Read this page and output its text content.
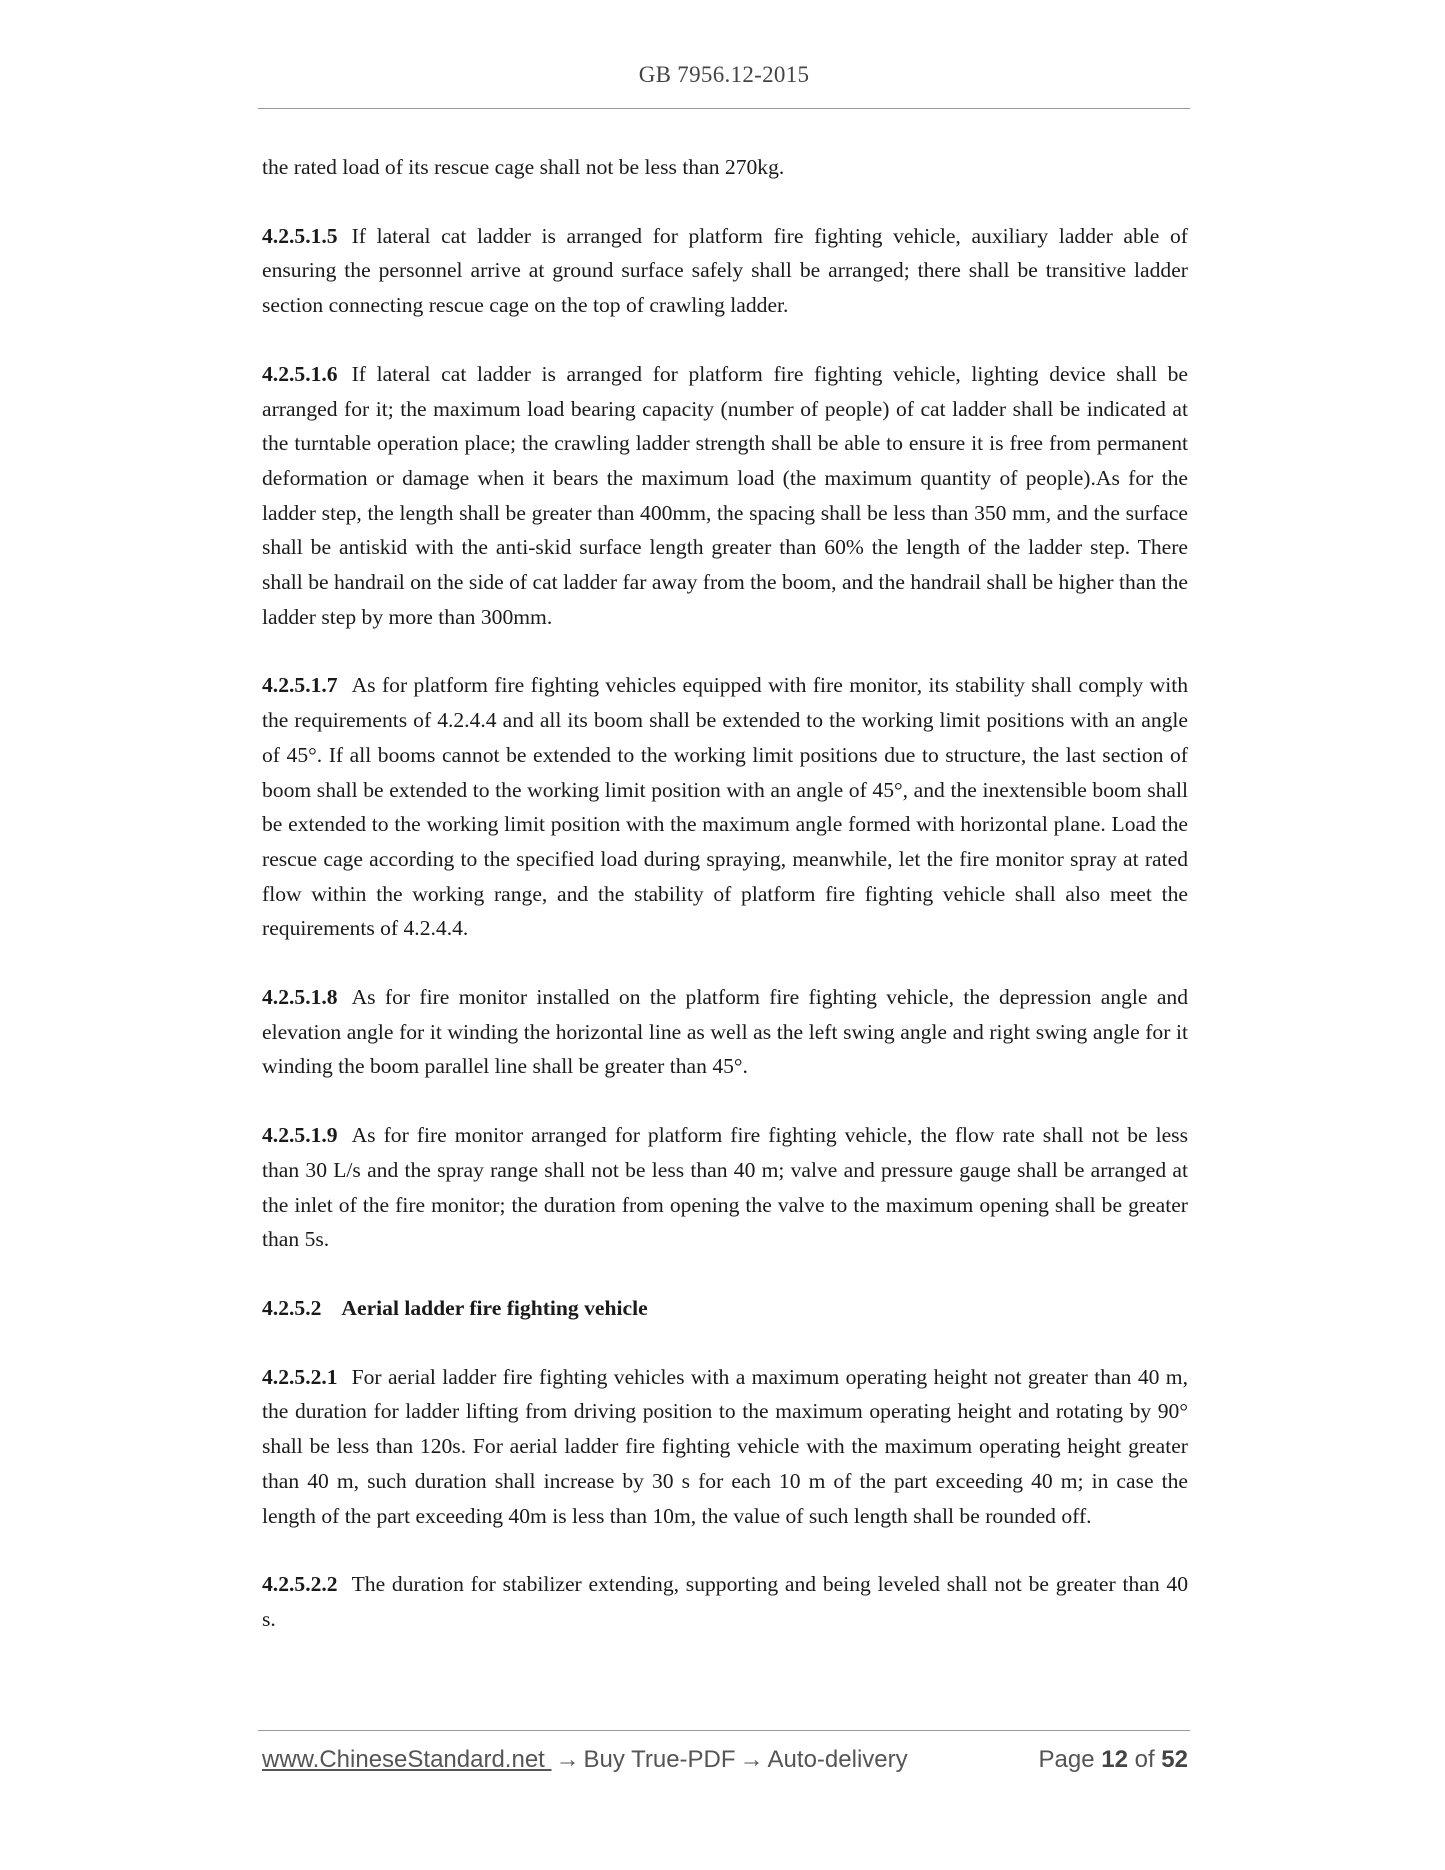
GB 7956.12-2015

the rated load of its rescue cage shall not be less than 270kg.

4.2.5.1.5 If lateral cat ladder is arranged for platform fire fighting vehicle, auxiliary ladder able of ensuring the personnel arrive at ground surface safely shall be arranged; there shall be transitive ladder section connecting rescue cage on the top of crawling ladder.

4.2.5.1.6 If lateral cat ladder is arranged for platform fire fighting vehicle, lighting device shall be arranged for it; the maximum load bearing capacity (number of people) of cat ladder shall be indicated at the turntable operation place; the crawling ladder strength shall be able to ensure it is free from permanent deformation or damage when it bears the maximum load (the maximum quantity of people).As for the ladder step, the length shall be greater than 400mm, the spacing shall be less than 350 mm, and the surface shall be antiskid with the anti-skid surface length greater than 60% the length of the ladder step. There shall be handrail on the side of cat ladder far away from the boom, and the handrail shall be higher than the ladder step by more than 300mm.

4.2.5.1.7 As for platform fire fighting vehicles equipped with fire monitor, its stability shall comply with the requirements of 4.2.4.4 and all its boom shall be extended to the working limit positions with an angle of 45°. If all booms cannot be extended to the working limit positions due to structure, the last section of boom shall be extended to the working limit position with an angle of 45°, and the inextensible boom shall be extended to the working limit position with the maximum angle formed with horizontal plane. Load the rescue cage according to the specified load during spraying, meanwhile, let the fire monitor spray at rated flow within the working range, and the stability of platform fire fighting vehicle shall also meet the requirements of 4.2.4.4.

4.2.5.1.8 As for fire monitor installed on the platform fire fighting vehicle, the depression angle and elevation angle for it winding the horizontal line as well as the left swing angle and right swing angle for it winding the boom parallel line shall be greater than 45°.

4.2.5.1.9 As for fire monitor arranged for platform fire fighting vehicle, the flow rate shall not be less than 30 L/s and the spray range shall not be less than 40 m; valve and pressure gauge shall be arranged at the inlet of the fire monitor; the duration from opening the valve to the maximum opening shall be greater than 5s.

4.2.5.2 Aerial ladder fire fighting vehicle

4.2.5.2.1 For aerial ladder fire fighting vehicles with a maximum operating height not greater than 40 m, the duration for ladder lifting from driving position to the maximum operating height and rotating by 90° shall be less than 120s. For aerial ladder fire fighting vehicle with the maximum operating height greater than 40 m, such duration shall increase by 30 s for each 10 m of the part exceeding 40 m; in case the length of the part exceeding 40m is less than 10m, the value of such length shall be rounded off.

4.2.5.2.2 The duration for stabilizer extending, supporting and being leveled shall not be greater than 40 s.

www.ChineseStandard.net → Buy True-PDF → Auto-delivery	Page 12 of 52
